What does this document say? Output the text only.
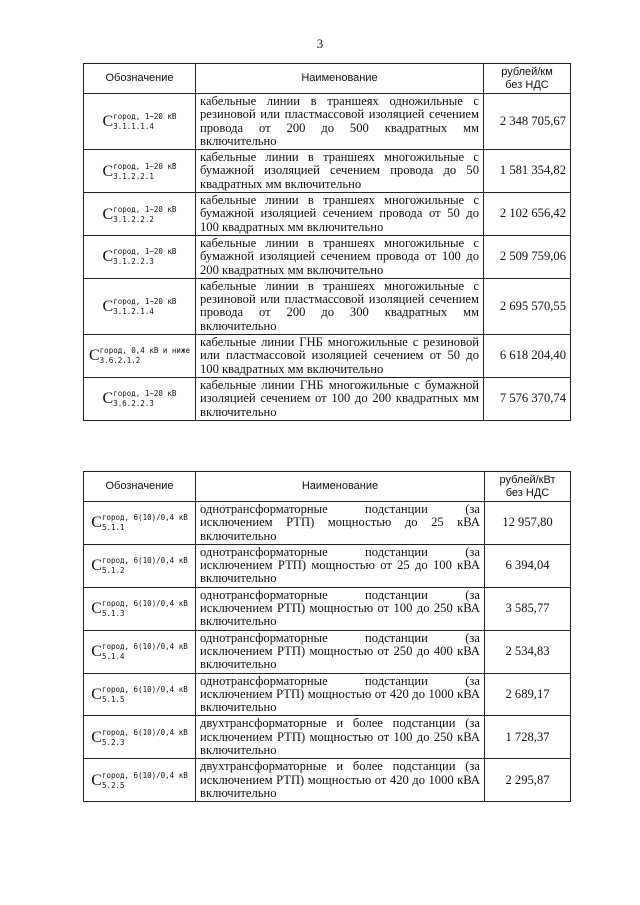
3
Обозначение	Наименование	рублей/км
без НДС
C город, 1−20 кВ
3.1.1.1.4	кабельные линии в траншеях одножильные с резиновой или пластмассовой изоляцией сечением провода от 200 до 500 квадратных мм включительно	2 348 705,67
C город, 1−20 кВ
3.1.2.2.1	кабельные линии в траншеях многожильные с бумажной изоляцией сечением провода до 50 квадратных мм включительно	1 581 354,82
C город, 1−20 кВ
3.1.2.2.2	кабельные линии в траншеях многожильные с бумажной изоляцией сечением провода от 50 до 100 квадратных мм включительно	2 102 656,42
C город, 1−20 кВ
3.1.2.2.3	кабельные линии в траншеях многожильные с бумажной изоляцией сечением провода от 100 до 200 квадратных мм включительно	2 509 759,06
C город, 1−20 кВ
3.1.2.1.4	кабельные линии в траншеях многожильные с резиновой или пластмассовой изоляцией сечением провода от 200 до 300 квадратных мм включительно	2 695 570,55
C город, 0,4 кВ и ниже
3.6.2.1.2	кабельные линии ГНБ многожильные с резиновой или пластмассовой изоляцией сечением от 50 до 100 квадратных мм включительно	6 618 204,40
C город, 1−20 кВ
3.6.2.2.3	кабельные линии ГНБ многожильные с бумажной изоляцией сечением от 100 до 200 квадратных мм включительно	7 576 370,74
Обозначение	Наименование	рублей/кВт
без НДС
C город, 6(10)/0,4 кВ
5.1.1	однотрансформаторные подстанции (за исключением РТП) мощностью до 25 кВА включительно	12 957,80
C город, 6(10)/0,4 кВ
5.1.2	однотрансформаторные подстанции (за исключением РТП) мощностью от 25 до 100 кВА включительно	6 394,04
C город, 6(10)/0,4 кВ
5.1.3	однотрансформаторные подстанции (за исключением РТП) мощностью от 100 до 250 кВА включительно	3 585,77
C город, 6(10)/0,4 кВ
5.1.4	однотрансформаторные подстанции (за исключением РТП) мощностью от 250 до 400 кВА включительно	2 534,83
C город, 6(10)/0,4 кВ
5.1.5	однотрансформаторные подстанции (за исключением РТП) мощностью от 420 до 1000 кВА включительно	2 689,17
C город, 6(10)/0,4 кВ
5.2.3	двухтрансформаторные и более подстанции (за исключением РТП) мощностью от 100 до 250 кВА включительно	1 728,37
C город, 6(10)/0,4 кВ
5.2.5	двухтрансформаторные и более подстанции (за исключением РТП) мощностью от 420 до 1000 кВА включительно	2 295,87
